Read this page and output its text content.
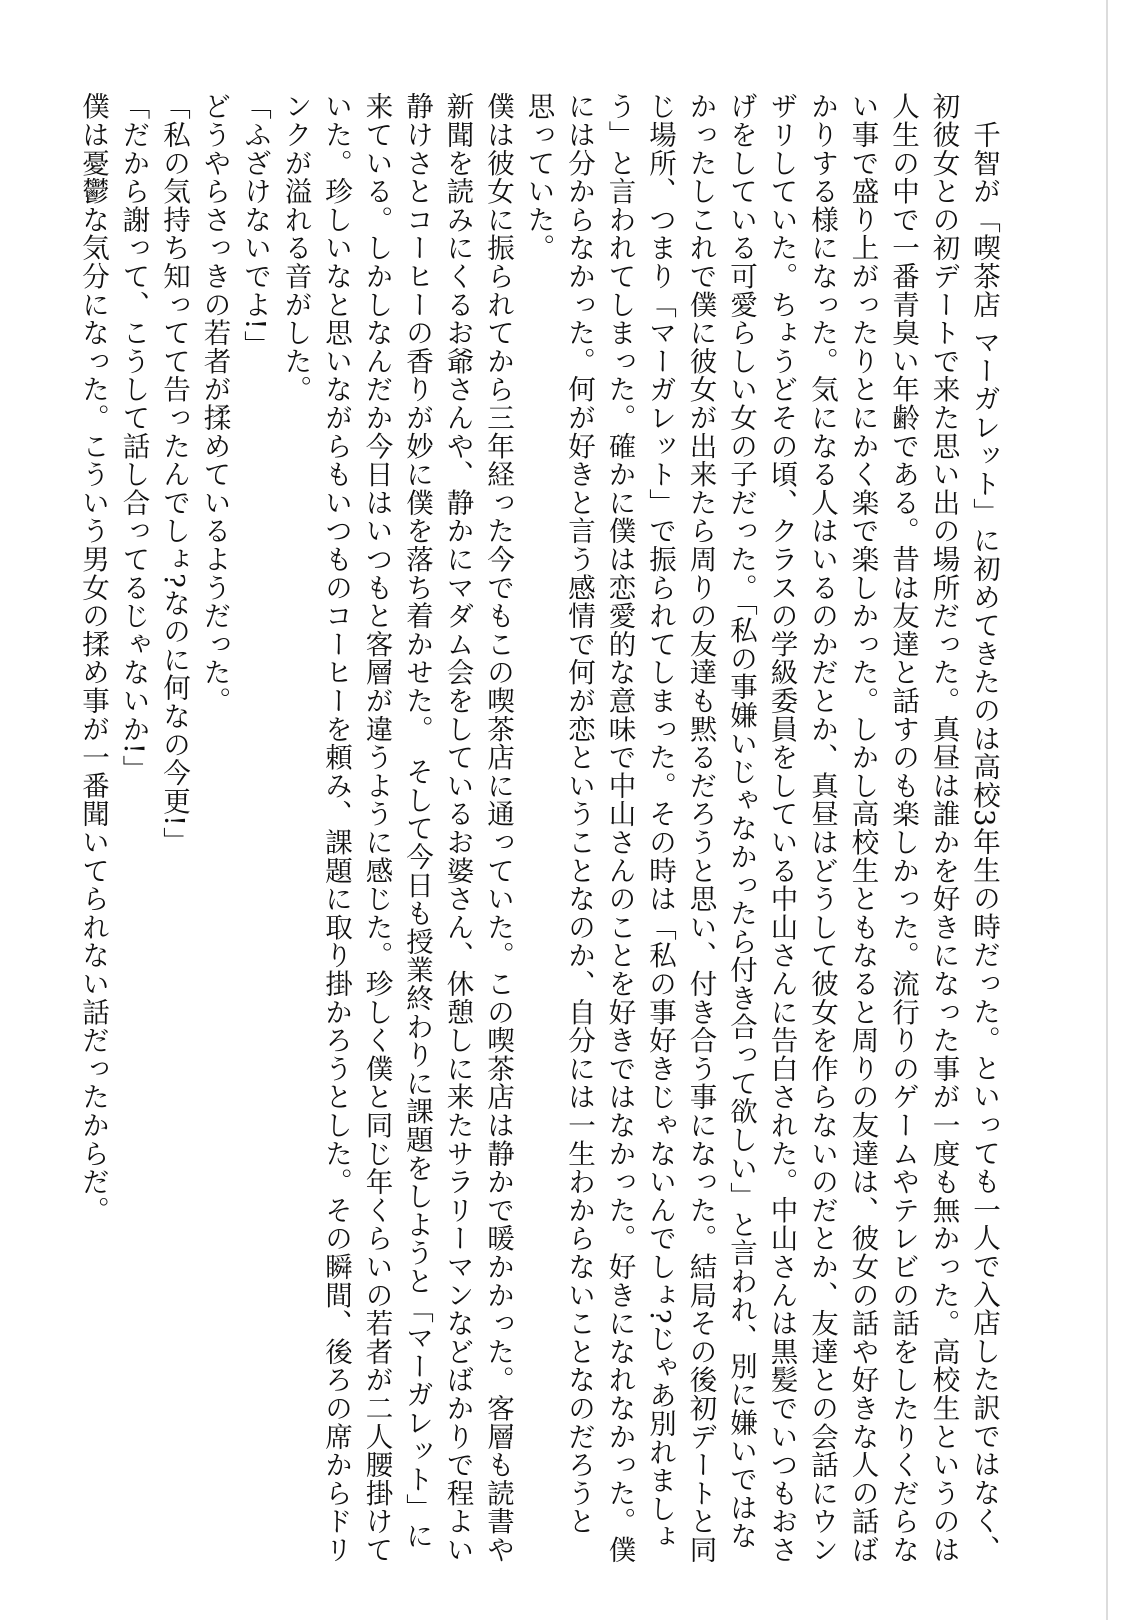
　千智が「喫茶店 マーガレット」に初めてきたのは高校3年生の時だった。といっても一人で入店した訳ではなく、
初彼女との初デートで来た思い出の場所だった。真昼は誰かを好きになった事が一度も無かった。高校生というのは
人生の中で一番青臭い年齢である。昔は友達と話すのも楽しかった。流行りのゲームやテレビの話をしたりくだらな
い事で盛り上がったりとにかく楽で楽しかった。しかし高校生ともなると周りの友達は、彼女の話や好きな人の話ば
かりする様になった。気になる人はいるのかだとか、真昼はどうして彼女を作らないのだとか、友達との会話にウン
ザリしていた。ちょうどその頃、クラスの学級委員をしている中山さんに告白された。中山さんは黒髪でいつもおさ
げをしている可愛らしい女の子だった。「私の事嫌いじゃなかったら付き合って欲しい」と言われ、別に嫌いではな
かったしこれで僕に彼女が出来たら周りの友達も黙るだろうと思い、付き合う事になった。結局その後初デートと同
じ場所、つまり「マーガレット」で振られてしまった。その時は「私の事好きじゃないんでしょ?じゃあ別れましょ
う」と言われてしまった。確かに僕は恋愛的な意味で中山さんのことを好きではなかった。好きになれなかった。僕
には分からなかった。何が好きと言う感情で何が恋ということなのか、自分には一生わからないことなのだろうと
思っていた。
僕は彼女に振られてから三年経った今でもこの喫茶店に通っていた。この喫茶店は静かで暖かかった。客層も読書や
新聞を読みにくるお爺さんや、静かにマダム会をしているお婆さん、休憩しに来たサラリーマンなどばかりで程よい
静けさとコーヒーの香りが妙に僕を落ち着かせた。　そして今日も授業終わりに課題をしようと「マーガレット」に
来ている。しかしなんだか今日はいつもと客層が違うように感じた。珍しく僕と同じ年くらいの若者が二人腰掛けて
いた。珍しいなと思いながらもいつものコーヒーを頼み、課題に取り掛かろうとした。その瞬間、後ろの席からドリ
ンクが溢れる音がした。
「ふざけないでよ!」
どうやらさっきの若者が揉めているようだった。
「私の気持ち知ってて告ったんでしょ?なのに何なの今更!」
「だから謝って、こうして話し合ってるじゃないか!」
僕は憂鬱な気分になった。こういう男女の揉め事が一番聞いてられない話だったからだ。
